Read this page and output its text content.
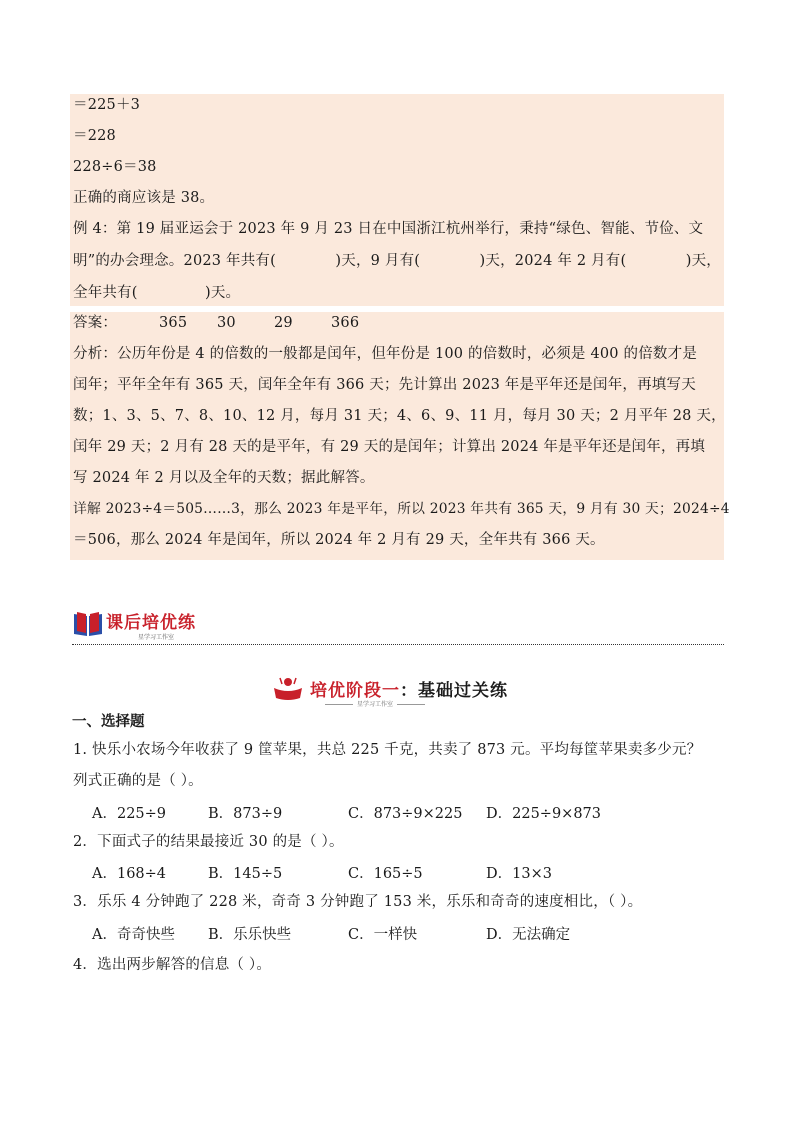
＝225＋3
＝228
228÷6＝38
正确的商应该是 38。
例 4：第 19 届亚运会于 2023 年 9 月 23 日在中国浙江杭州举行，秉持“绿色、智能、节俭、文
明”的办会理念。2023 年共有(	)天，9 月有(	)天，2024 年 2 月有(	)天，
全年共有(              )天。
答案：	365 30	29	366
分析：公历年份是 4 的倍数的一般都是闰年，但年份是 100 的倍数时，必须是 400 的倍数才是
闰年；平年全年有 365 天，闰年全年有 366 天；先计算出 2023 年是平年还是闰年，再填写天
数；1、3、5、7、8、10、12 月，每月 31 天；4、6、9、11 月，每月 30 天；2 月平年 28 天，
闰年 29 天；2 月有 28 天的是平年，有 29 天的是闰年；计算出 2024 年是平年还是闰年，再填
写 2024 年 2 月以及全年的天数；据此解答。
详解 2023÷4＝505……3，那么 2023 年是平年，所以 2023 年共有 365 天，9 月有 30 天；2024÷4
＝506，那么 2024 年是闰年，所以 2024 年 2 月有 29 天，全年共有 366 天。
课后培优练
星学习工作室
培优阶段一：基础过关练
星学习工作室
一、选择题
1. 快乐小农场今年收获了 9 筐苹果，共总 225 千克，共卖了 873 元。平均每筐苹果卖多少元？
列式正确的是（ ）。
A．225÷9	B．873÷9	C．873÷9×225 D．225÷9×873
2．下面式子的结果最接近 30 的是（ ）。
A．168÷4	B．145÷5	C．165÷5	D．13×3
3．乐乐 4 分钟跑了 228 米，奇奇 3 分钟跑了 153 米，乐乐和奇奇的速度相比，（ ）。
A．奇奇快些 B．乐乐快些	C．一样快	D．无法确定
4．选出两步解答的信息（ ）。
